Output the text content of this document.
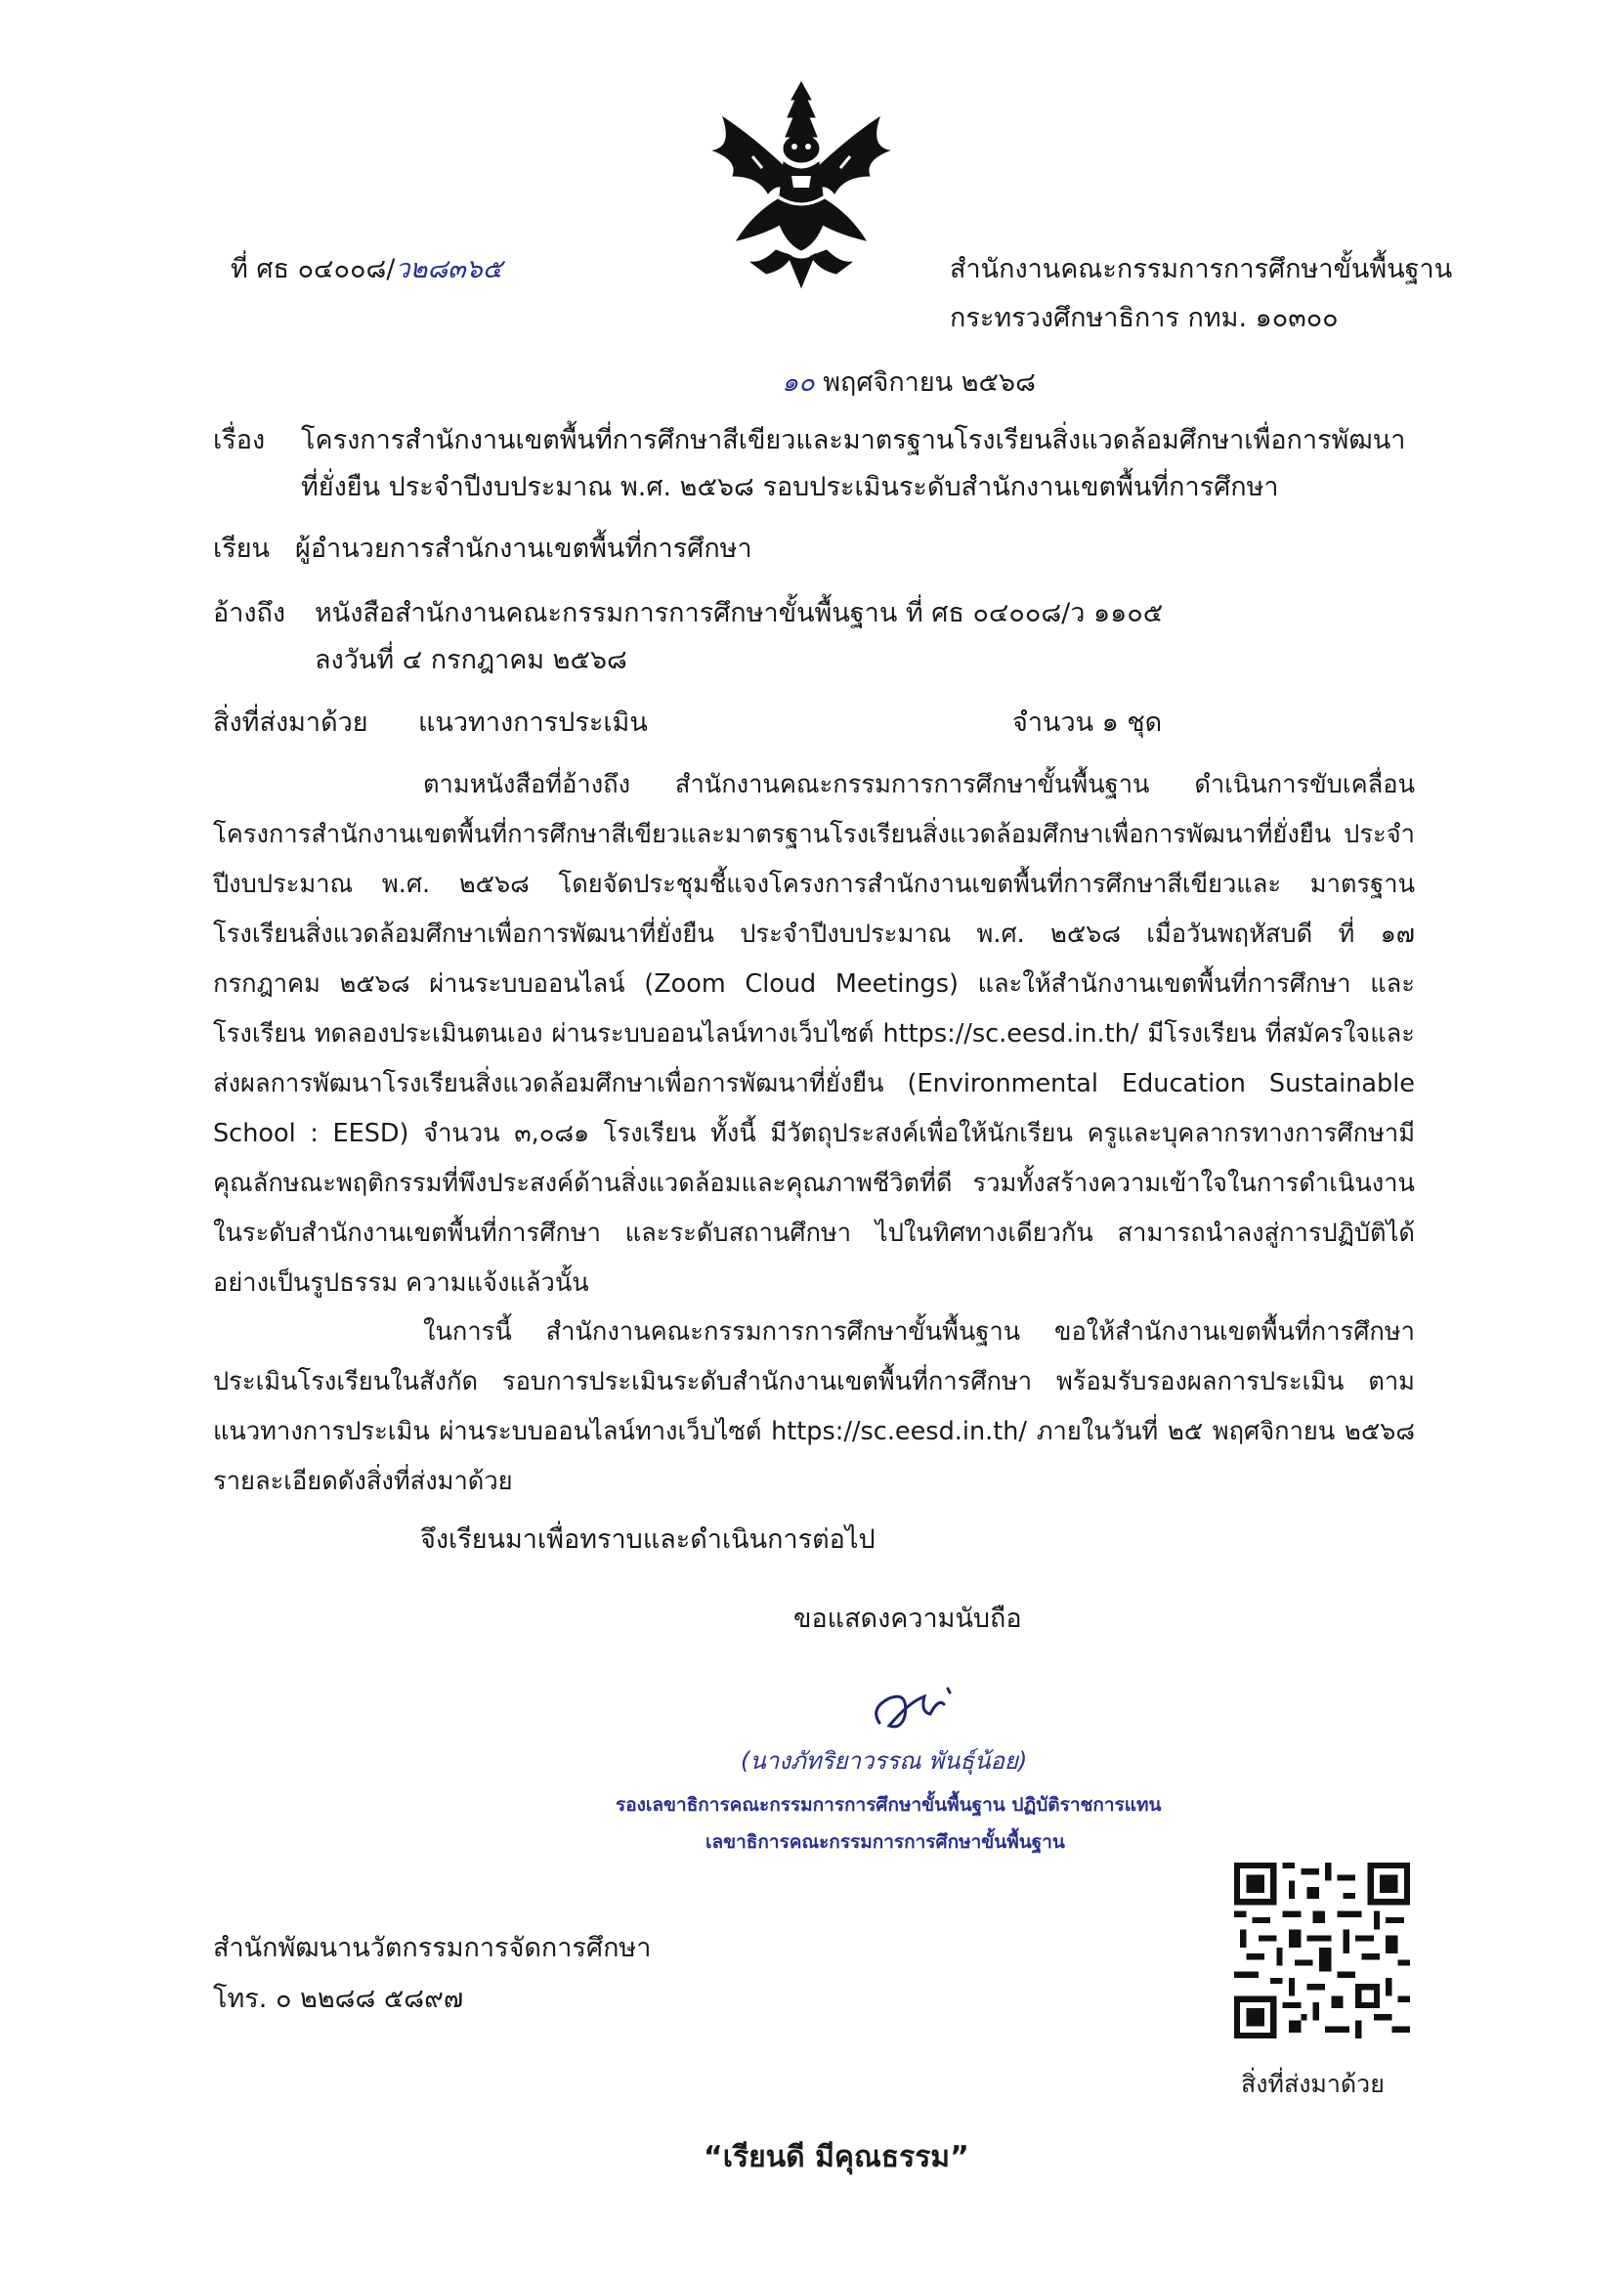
ที่ ศธ ๐๔๐๐๘/ว๒๘๓๖๕	สำนักงานคณะกรรมการการศึกษาขั้นพื้นฐาน
กระทรวงศึกษาธิการ กทม. ๑๐๓๐๐
๑๐ พฤศจิกายน ๒๕๖๘
เรื่อง โครงการสำนักงานเขตพื้นที่การศึกษาสีเขียวและมาตรฐานโรงเรียนสิ่งแวดล้อมศึกษาเพื่อการพัฒนา
ที่ยั่งยืน ประจำปีงบประมาณ พ.ศ. ๒๕๖๘ รอบประเมินระดับสำนักงานเขตพื้นที่การศึกษา
เรียน ผู้อำนวยการสำนักงานเขตพื้นที่การศึกษา
อ้างถึง หนังสือสำนักงานคณะกรรมการการศึกษาขั้นพื้นฐาน ที่ ศธ ๐๔๐๐๘/ว ๑๑๐๕
ลงวันที่ ๔ กรกฎาคม ๒๕๖๘
สิ่งที่ส่งมาด้วย แนวทางการประเมิน	จำนวน ๑ ชุด
ตามหนังสือที่อ้างถึง สำนักงานคณะกรรมการการศึกษาขั้นพื้นฐาน ดำเนินการขับเคลื่อน โครงการสำนักงานเขตพื้นที่การศึกษาสีเขียวและมาตรฐานโรงเรียนสิ่งแวดล้อมศึกษาเพื่อการพัฒนาที่ยั่งยืน ประจำปีงบประมาณ พ.ศ. ๒๕๖๘ โดยจัดประชุมชี้แจงโครงการสำนักงานเขตพื้นที่การศึกษาสีเขียวและ มาตรฐานโรงเรียนสิ่งแวดล้อมศึกษาเพื่อการพัฒนาที่ยั่งยืน ประจำปีงบประมาณ พ.ศ. ๒๕๖๘ เมื่อวันพฤหัสบดี ที่ ๑๗ กรกฎาคม ๒๕๖๘ ผ่านระบบออนไลน์ (Zoom Cloud Meetings) และให้สำนักงานเขตพื้นที่การศึกษา และโรงเรียน ทดลองประเมินตนเอง ผ่านระบบออนไลน์ทางเว็บไซต์ https://sc.eesd.in.th/ มีโรงเรียน ที่สมัครใจและส่งผลการพัฒนาโรงเรียนสิ่งแวดล้อมศึกษาเพื่อการพัฒนาที่ยั่งยืน (Environmental Education Sustainable School : EESD) จำนวน ๓,๐๘๑ โรงเรียน ทั้งนี้ มีวัตถุประสงค์เพื่อให้นักเรียน ครูและบุคลากรทางการศึกษามีคุณลักษณะพฤติกรรมที่พึงประสงค์ด้านสิ่งแวดล้อมและคุณภาพชีวิตที่ดี รวมทั้งสร้างความเข้าใจในการดำเนินงาน ในระดับสำนักงานเขตพื้นที่การศึกษา และระดับสถานศึกษา ไปในทิศทางเดียวกัน สามารถนำลงสู่การปฏิบัติได้อย่างเป็นรูปธรรม ความแจ้งแล้วนั้น
ในการนี้ สำนักงานคณะกรรมการการศึกษาขั้นพื้นฐาน ขอให้สำนักงานเขตพื้นที่การศึกษา ประเมินโรงเรียนในสังกัด รอบการประเมินระดับสำนักงานเขตพื้นที่การศึกษา พร้อมรับรองผลการประเมิน ตามแนวทางการประเมิน ผ่านระบบออนไลน์ทางเว็บไซต์ https://sc.eesd.in.th/ ภายในวันที่ ๒๕ พฤศจิกายน ๒๕๖๘ รายละเอียดดังสิ่งที่ส่งมาด้วย
จึงเรียนมาเพื่อทราบและดำเนินการต่อไป
ขอแสดงความนับถือ
(นางภัทริยาวรรณ พันธุ์น้อย)
รองเลขาธิการคณะกรรมการการศึกษาขั้นพื้นฐาน ปฏิบัติราชการแทน
เลขาธิการคณะกรรมการการศึกษาขั้นพื้นฐาน
สำนักพัฒนานวัตกรรมการจัดการศึกษา
โทร. ๐ ๒๒๘๘ ๕๘๙๗
สิ่งที่ส่งมาด้วย
“เรียนดี มีคุณธรรม”
